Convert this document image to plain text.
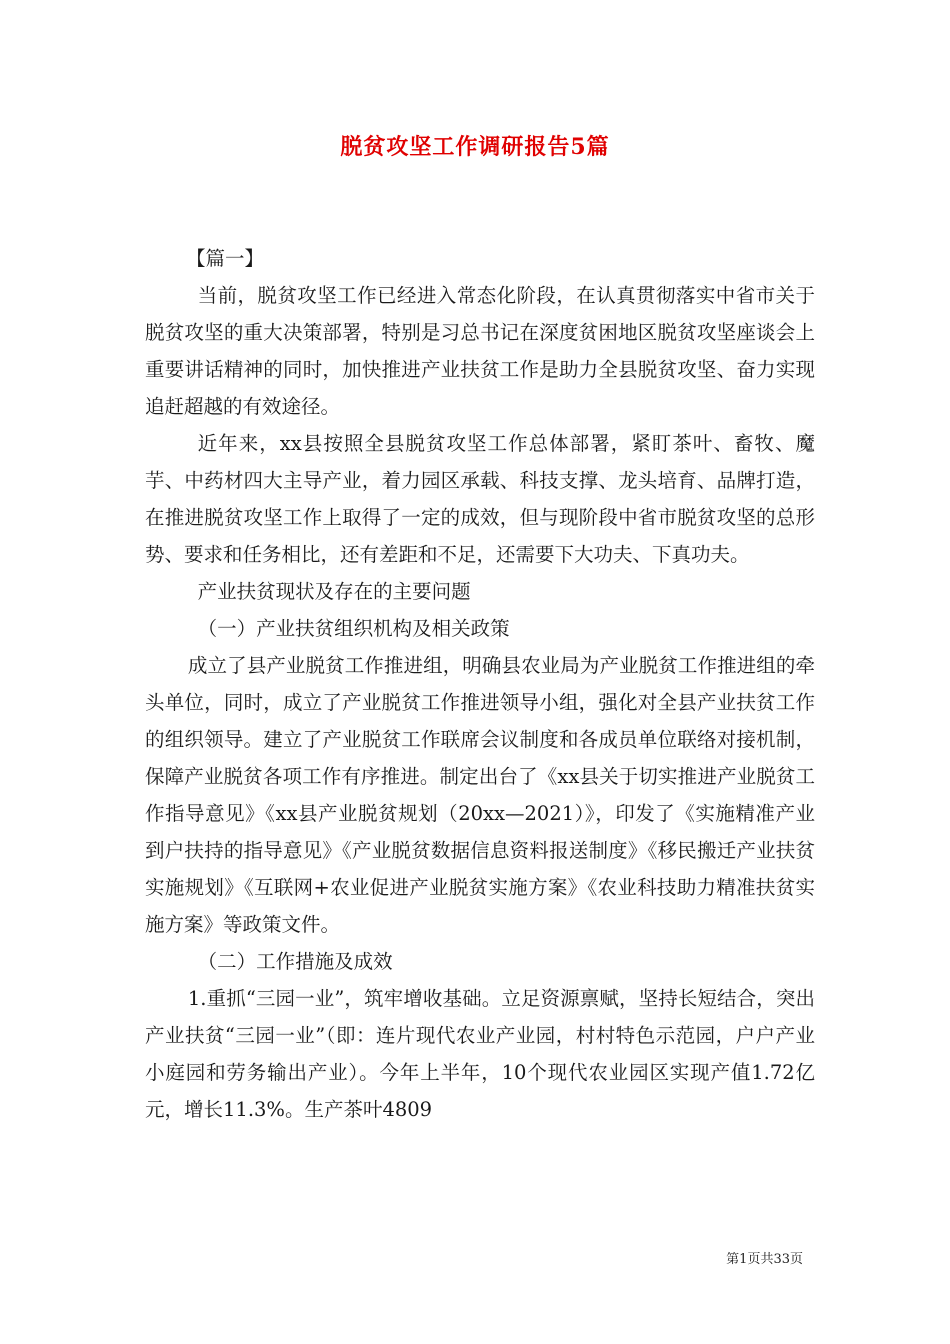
脱贫攻坚工作调研报告5篇

【篇一】

当前，脱贫攻坚工作已经进入常态化阶段，在认真贯彻落实中省市关于脱贫攻坚的重大决策部署，特别是习总书记在深度贫困地区脱贫攻坚座谈会上重要讲话精神的同时，加快推进产业扶贫工作是助力全县脱贫攻坚、奋力实现追赶超越的有效途径。

近年来，xx县按照全县脱贫攻坚工作总体部署，紧盯茶叶、畜牧、魔芋、中药材四大主导产业，着力园区承载、科技支撑、龙头培育、品牌打造，在推进脱贫攻坚工作上取得了一定的成效，但与现阶段中省市脱贫攻坚的总形势、要求和任务相比，还有差距和不足，还需要下大功夫、下真功夫。

产业扶贫现状及存在的主要问题

（一）产业扶贫组织机构及相关政策

成立了县产业脱贫工作推进组，明确县农业局为产业脱贫工作推进组的牵头单位，同时，成立了产业脱贫工作推进领导小组，强化对全县产业扶贫工作的组织领导。建立了产业脱贫工作联席会议制度和各成员单位联络对接机制，保障产业脱贫各项工作有序推进。制定出台了《xx县关于切实推进产业脱贫工作指导意见》《xx县产业脱贫规划（20xx—2021）》，印发了《实施精准产业到户扶持的指导意见》《产业脱贫数据信息资料报送制度》《移民搬迁产业扶贫实施规划》《互联网+农业促进产业脱贫实施方案》《农业科技助力精准扶贫实施方案》等政策文件。

（二）工作措施及成效

1.重抓“三园一业”，筑牢增收基础。立足资源禀赋，坚持长短结合，突出产业扶贫“三园一业”（即：连片现代农业产业园，村村特色示范园，户户产业小庭园和劳务输出产业）。今年上半年，10个现代农业园区实现产值1.72亿元，增长11.3%。生产茶叶4809

第1页共33页
